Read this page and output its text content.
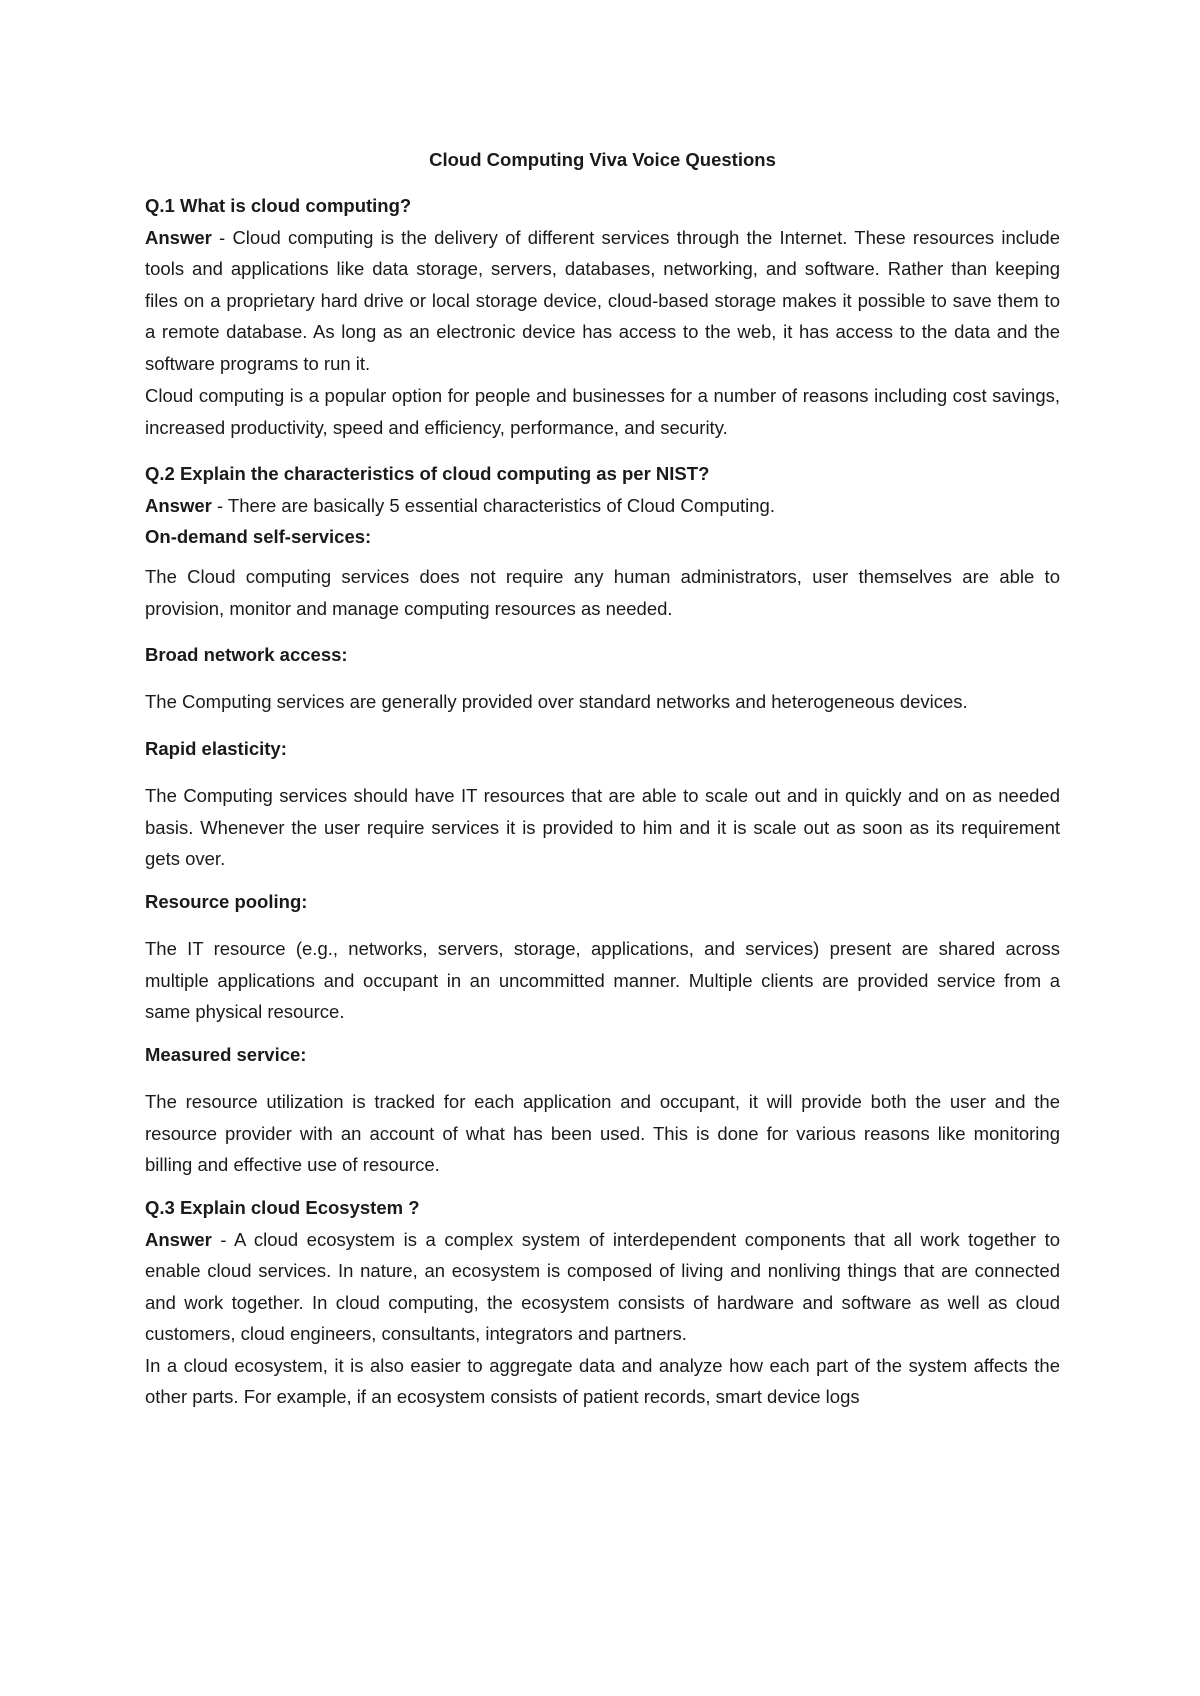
Cloud Computing Viva Voice Questions

Q.1 What is cloud computing?

Answer - Cloud computing is the delivery of different services through the Internet. These resources include tools and applications like data storage, servers, databases, networking, and software. Rather than keeping files on a proprietary hard drive or local storage device, cloud-based storage makes it possible to save them to a remote database. As long as an electronic device has access to the web, it has access to the data and the software programs to run it.

Cloud computing is a popular option for people and businesses for a number of reasons including cost savings, increased productivity, speed and efficiency, performance, and security.

Q.2 Explain the characteristics of cloud computing as per NIST?

Answer - There are basically 5 essential characteristics of Cloud Computing.

On-demand self-services:

The Cloud computing services does not require any human administrators, user themselves are able to provision, monitor and manage computing resources as needed.
Broad network access:
The Computing services are generally provided over standard networks and heterogeneous devices.
Rapid elasticity:
The Computing services should have IT resources that are able to scale out and in quickly and on as needed basis. Whenever the user require services it is provided to him and it is scale out as soon as its requirement gets over.
Resource pooling:
The IT resource (e.g., networks, servers, storage, applications, and services) present are shared across multiple applications and occupant in an uncommitted manner. Multiple clients are provided service from a same physical resource.
Measured service:
The resource utilization is tracked for each application and occupant, it will provide both the user and the resource provider with an account of what has been used. This is done for various reasons like monitoring billing and effective use of resource.

Q.3 Explain cloud Ecosystem ?

Answer - A cloud ecosystem is a complex system of interdependent components that all work together to enable cloud services. In nature, an ecosystem is composed of living and nonliving things that are connected and work together. In cloud computing, the ecosystem consists of hardware and software as well as cloud customers, cloud engineers, consultants, integrators and partners.

In a cloud ecosystem, it is also easier to aggregate data and analyze how each part of the system affects the other parts. For example, if an ecosystem consists of patient records, smart device logs
